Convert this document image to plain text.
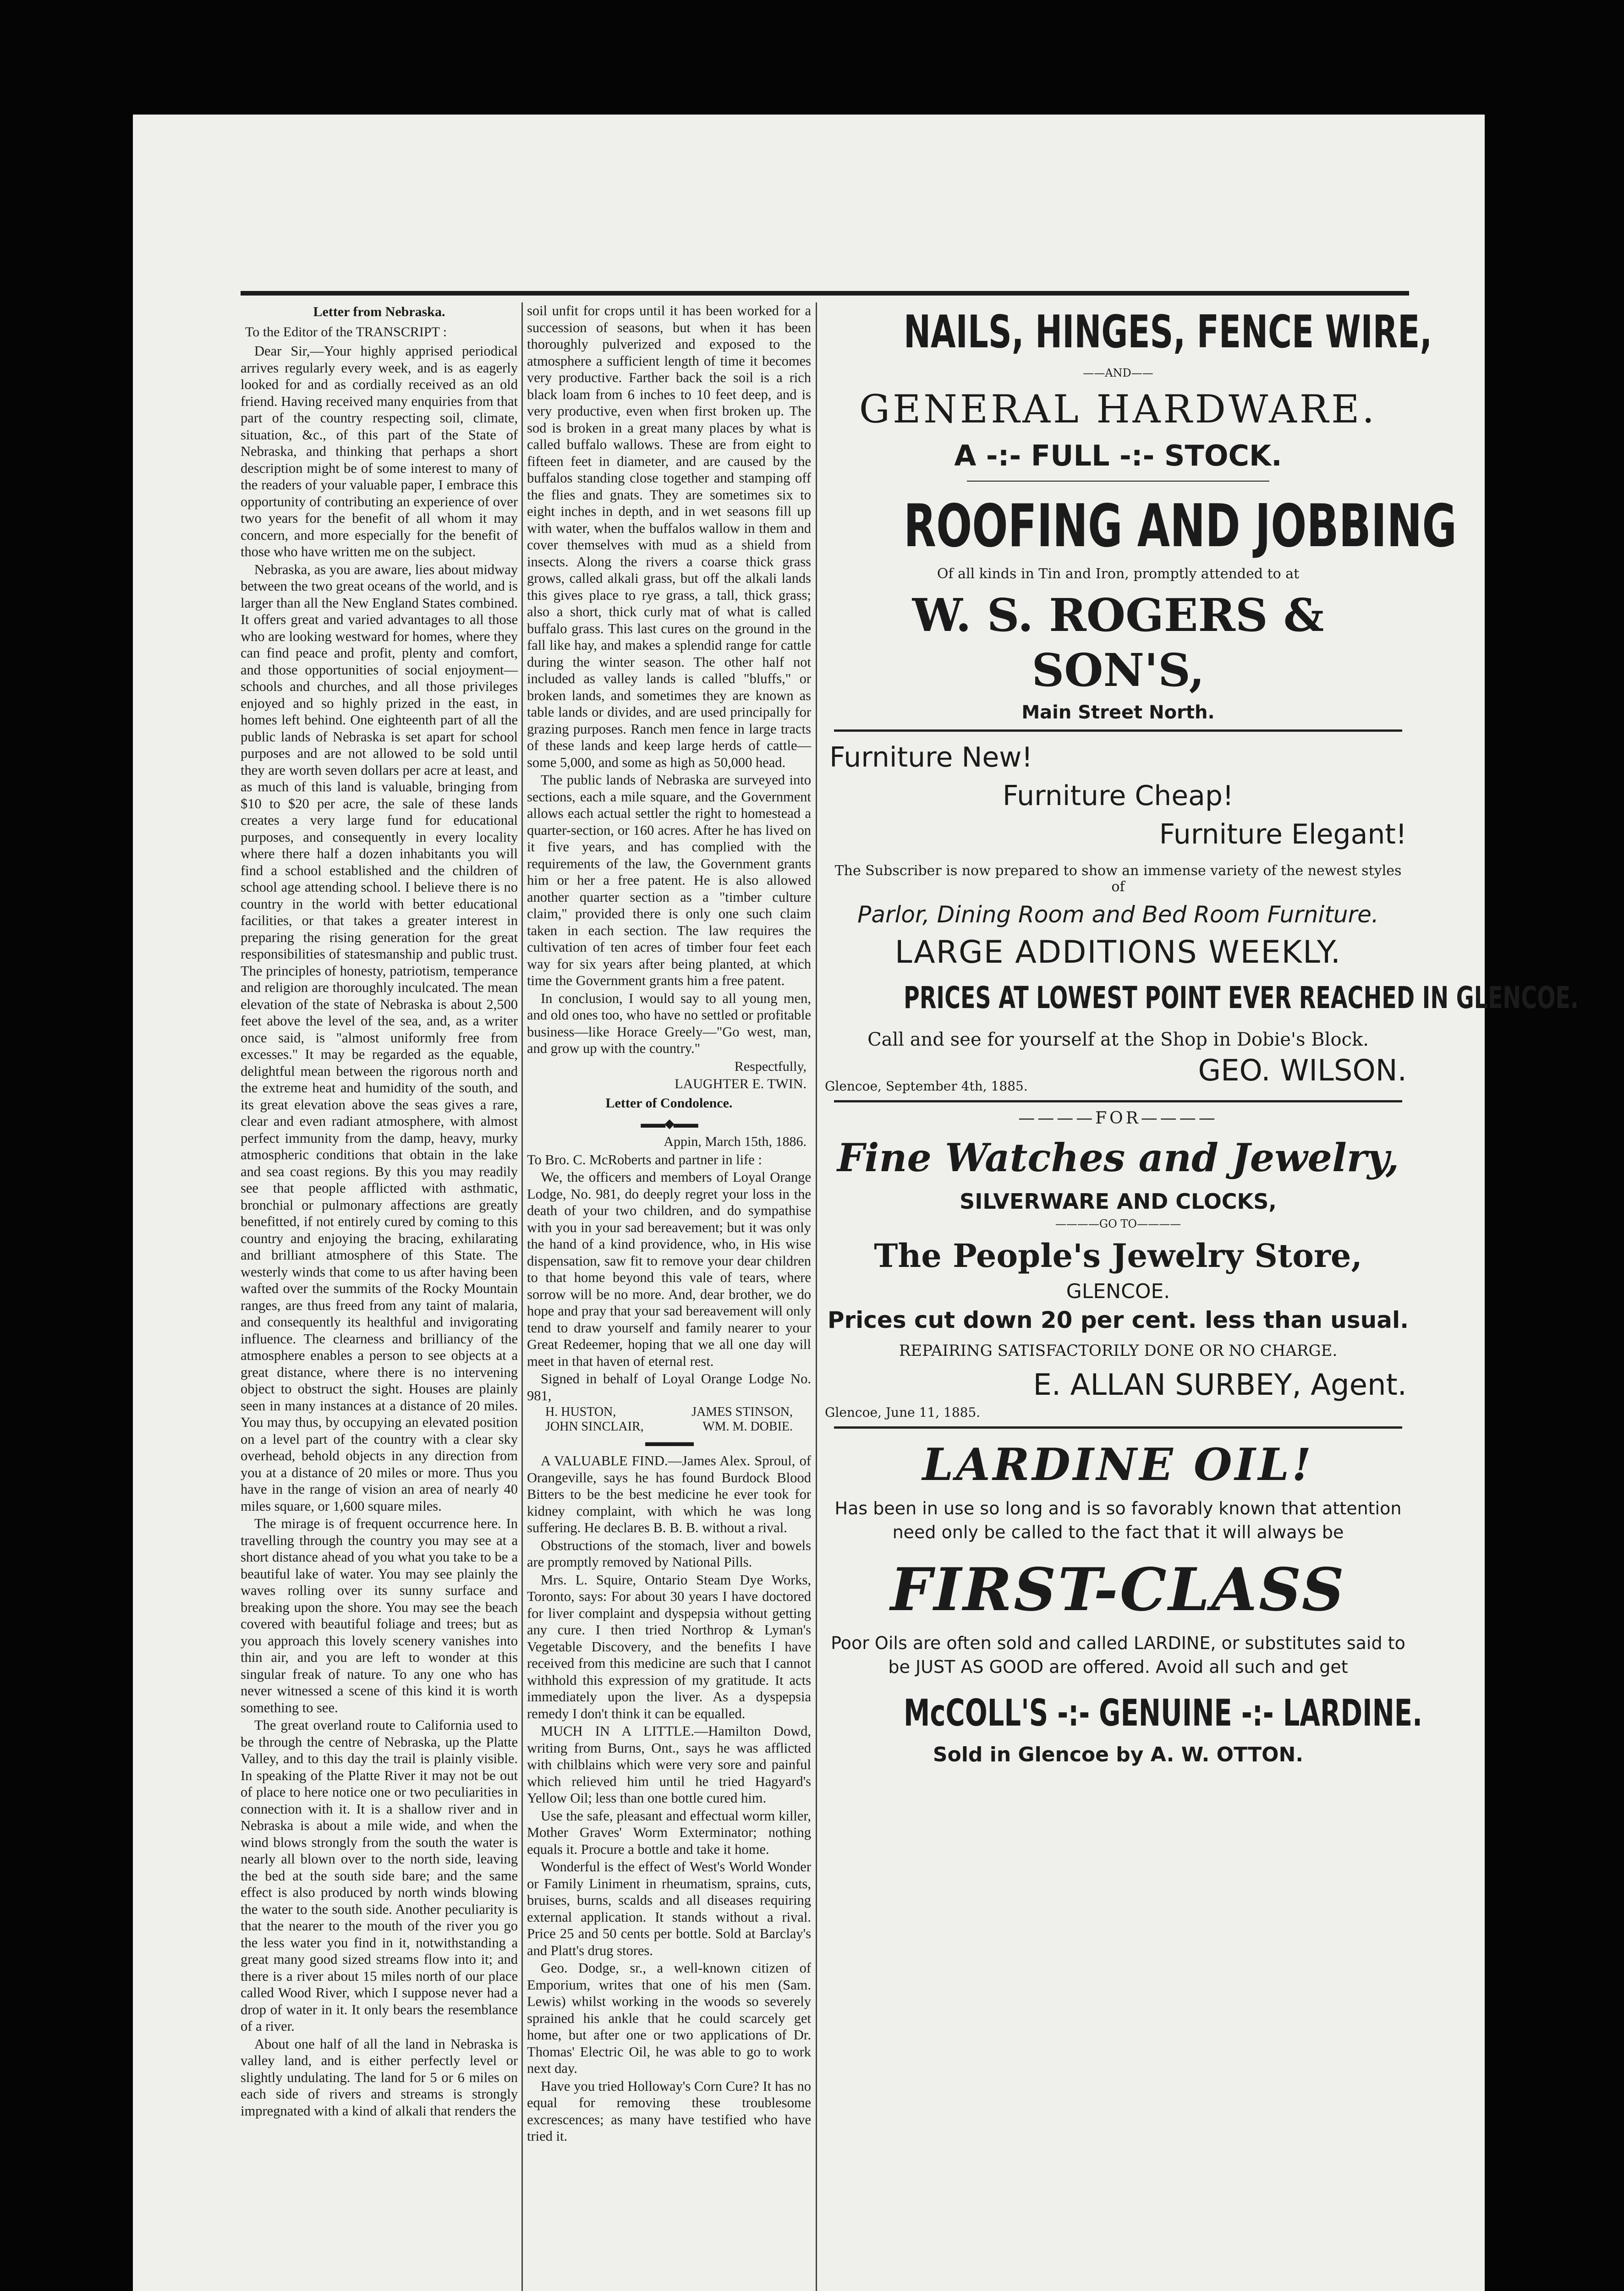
Letter from Nebraska.
To the Editor of the TRANSCRIPT :

Dear Sir,—Your highly apprised periodical arrives regularly every week, and is as eagerly looked for and as cordially received as an old friend. Having received many enquiries from that part of the country respecting soil, climate, situation, &c., of this part of the State of Nebraska, and thinking that perhaps a short description might be of some interest to many of the readers of your valuable paper, I embrace this opportunity of contributing an experience of over two years for the benefit of all whom it may concern, and more especially for the benefit of those who have written me on the subject.

Nebraska, as you are aware, lies about midway between the two great oceans of the world, and is larger than all the New England States combined. It offers great and varied advantages to all those who are looking westward for homes, where they can find peace and profit, plenty and comfort, and those opportunities of social enjoyment—schools and churches, and all those privileges enjoyed and so highly prized in the east, in homes left behind. One eighteenth part of all the public lands of Nebraska is set apart for school purposes and are not allowed to be sold until they are worth seven dollars per acre at least, and as much of this land is valuable, bringing from $10 to $20 per acre, the sale of these lands creates a very large fund for educational purposes, and consequently in every locality where there half a dozen inhabitants you will find a school established and the children of school age attending school. I believe there is no country in the world with better educational facilities, or that takes a greater interest in preparing the rising generation for the great responsibilities of statesmanship and public trust. The principles of honesty, patriotism, temperance and religion are thoroughly inculcated. The mean elevation of the state of Nebraska is about 2,500 feet above the level of the sea, and, as a writer once said, is "almost uniformly free from excesses." It may be regarded as the equable, delightful mean between the rigorous north and the extreme heat and humidity of the south, and its great elevation above the seas gives a rare, clear and even radiant atmosphere, with almost perfect immunity from the damp, heavy, murky atmospheric conditions that obtain in the lake and sea coast regions. By this you may readily see that people afflicted with asthmatic, bronchial or pulmonary affections are greatly benefitted, if not entirely cured by coming to this country and enjoying the bracing, exhilarating and brilliant atmosphere of this State. The westerly winds that come to us after having been wafted over the summits of the Rocky Mountain ranges, are thus freed from any taint of malaria, and consequently its healthful and invigorating influence. The clearness and brilliancy of the atmosphere enables a person to see objects at a great distance, where there is no intervening object to obstruct the sight. Houses are plainly seen in many instances at a distance of 20 miles. You may thus, by occupying an elevated position on a level part of the country with a clear sky overhead, behold objects in any direction from you at a distance of 20 miles or more. Thus you have in the range of vision an area of nearly 40 miles square, or 1,600 square miles.

The mirage is of frequent occurrence here. In travelling through the country you may see at a short distance ahead of you what you take to be a beautiful lake of water. You may see plainly the waves rolling over its sunny surface and breaking upon the shore. You may see the beach covered with beautiful foliage and trees; but as you approach this lovely scenery vanishes into thin air, and you are left to wonder at this singular freak of nature. To any one who has never witnessed a scene of this kind it is worth something to see.

The great overland route to California used to be through the centre of Nebraska, up the Platte Valley, and to this day the trail is plainly visible. In speaking of the Platte River it may not be out of place to here notice one or two peculiarities in connection with it. It is a shallow river and in Nebraska is about a mile wide, and when the wind blows strongly from the south the water is nearly all blown over to the north side, leaving the bed at the south side bare; and the same effect is also produced by north winds blowing the water to the south side. Another peculiarity is that the nearer to the mouth of the river you go the less water you find in it, notwithstanding a great many good sized streams flow into it; and there is a river about 15 miles north of our place called Wood River, which I suppose never had a drop of water in it. It only bears the resemblance of a river.

About one half of all the land in Nebraska is valley land, and is either perfectly level or slightly undulating. The land for 5 or 6 miles on each side of rivers and streams is strongly impregnated with a kind of alkali that renders the

soil unfit for crops until it has been worked for a succession of seasons, but when it has been thoroughly pulverized and exposed to the atmosphere a sufficient length of time it becomes very productive. Farther back the soil is a rich black loam from 6 inches to 10 feet deep, and is very productive, even when first broken up. The sod is broken in a great many places by what is called buffalo wallows. These are from eight to fifteen feet in diameter, and are caused by the buffalos standing close together and stamping off the flies and gnats. They are sometimes six to eight inches in depth, and in wet seasons fill up with water, when the buffalos wallow in them and cover themselves with mud as a shield from insects. Along the rivers a coarse thick grass grows, called alkali grass, but off the alkali lands this gives place to rye grass, a tall, thick grass; also a short, thick curly mat of what is called buffalo grass. This last cures on the ground in the fall like hay, and makes a splendid range for cattle during the winter season. The other half not included as valley lands is called "bluffs," or broken lands, and sometimes they are known as table lands or divides, and are used principally for grazing purposes. Ranch men fence in large tracts of these lands and keep large herds of cattle—some 5,000, and some as high as 50,000 head.

The public lands of Nebraska are surveyed into sections, each a mile square, and the Government allows each actual settler the right to homestead a quarter-section, or 160 acres. After he has lived on it five years, and has complied with the requirements of the law, the Government grants him or her a free patent. He is also allowed another quarter section as a "timber culture claim," provided there is only one such claim taken in each section. The law requires the cultivation of ten acres of timber four feet each way for six years after being planted, at which time the Government grants him a free patent.

In conclusion, I would say to all young men, and old ones too, who have no settled or profitable business—like Horace Greely—"Go west, man, and grow up with the country."

Respectfully,
LAUGHTER E. TWIN.
Letter of Condolence.
▬▬◆▬▬
Appin, March 15th, 1886.

To Bro. C. McRoberts and partner in life :

We, the officers and members of Loyal Orange Lodge, No. 981, do deeply regret your loss in the death of your two children, and do sympathise with you in your sad bereavement; but it was only the hand of a kind providence, who, in His wise dispensation, saw fit to remove your dear children to that home beyond this vale of tears, where sorrow will be no more. And, dear brother, we do hope and pray that your sad bereavement will only tend to draw yourself and family nearer to your Great Redeemer, hoping that we all one day will meet in that haven of eternal rest.

Signed in behalf of Loyal Orange Lodge No. 981,

H. HUSTON,	JAMES STINSON,
JOHN SINCLAIR,	WM. M. DOBIE.
▬▬▬▬

A VALUABLE FIND.—James Alex. Sproul, of Orangeville, says he has found Burdock Blood Bitters to be the best medicine he ever took for kidney complaint, with which he was long suffering. He declares B. B. B. without a rival.

Obstructions of the stomach, liver and bowels are promptly removed by National Pills.

Mrs. L. Squire, Ontario Steam Dye Works, Toronto, says: For about 30 years I have doctored for liver complaint and dyspepsia without getting any cure. I then tried Northrop & Lyman's Vegetable Discovery, and the benefits I have received from this medicine are such that I cannot withhold this expression of my gratitude. It acts immediately upon the liver. As a dyspepsia remedy I don't think it can be equalled.

MUCH IN A LITTLE.—Hamilton Dowd, writing from Burns, Ont., says he was afflicted with chilblains which were very sore and painful which relieved him until he tried Hagyard's Yellow Oil; less than one bottle cured him.

Use the safe, pleasant and effectual worm killer, Mother Graves' Worm Exterminator; nothing equals it. Procure a bottle and take it home.

Wonderful is the effect of West's World Wonder or Family Liniment in rheumatism, sprains, cuts, bruises, burns, scalds and all diseases requiring external application. It stands without a rival. Price 25 and 50 cents per bottle. Sold at Barclay's and Platt's drug stores.

Geo. Dodge, sr., a well-known citizen of Emporium, writes that one of his men (Sam. Lewis) whilst working in the woods so severely sprained his ankle that he could scarcely get home, but after one or two applications of Dr. Thomas' Electric Oil, he was able to go to work next day.

Have you tried Holloway's Corn Cure? It has no equal for removing these troublesome excrescences; as many have testified who have tried it.

NAILS, HINGES, FENCE WIRE,
——AND——
GENERAL HARDWARE.
A -:- FULL -:- STOCK.
ROOFING AND JOBBING
Of all kinds in Tin and Iron, promptly attended to at
W. S. ROGERS & SON'S,
Main Street North.
Furniture New!
Furniture Cheap!
Furniture Elegant!
The Subscriber is now prepared to show an immense variety of the newest styles of
Parlor, Dining Room and Bed Room Furniture.
LARGE ADDITIONS WEEKLY.
PRICES AT LOWEST POINT EVER REACHED IN GLENCOE.
Call and see for yourself at the Shop in Dobie's Block.
GEO. WILSON.
Glencoe, September 4th, 1885.
————FOR————
Fine Watches and Jewelry,
SILVERWARE AND CLOCKS,
————GO TO————
The People's Jewelry Store,
GLENCOE.
Prices cut down 20 per cent. less than usual.
REPAIRING SATISFACTORILY DONE OR NO CHARGE.
E. ALLAN SURBEY, Agent.
Glencoe, June 11, 1885.
LARDINE OIL!
Has been in use so long and is so favorably known that attention need only be called to the fact that it will always be
FIRST-CLASS
Poor Oils are often sold and called LARDINE, or substitutes said to be JUST AS GOOD are offered. Avoid all such and get
McCOLL'S -:- GENUINE -:- LARDINE.
Sold in Glencoe by A. W. OTTON.
